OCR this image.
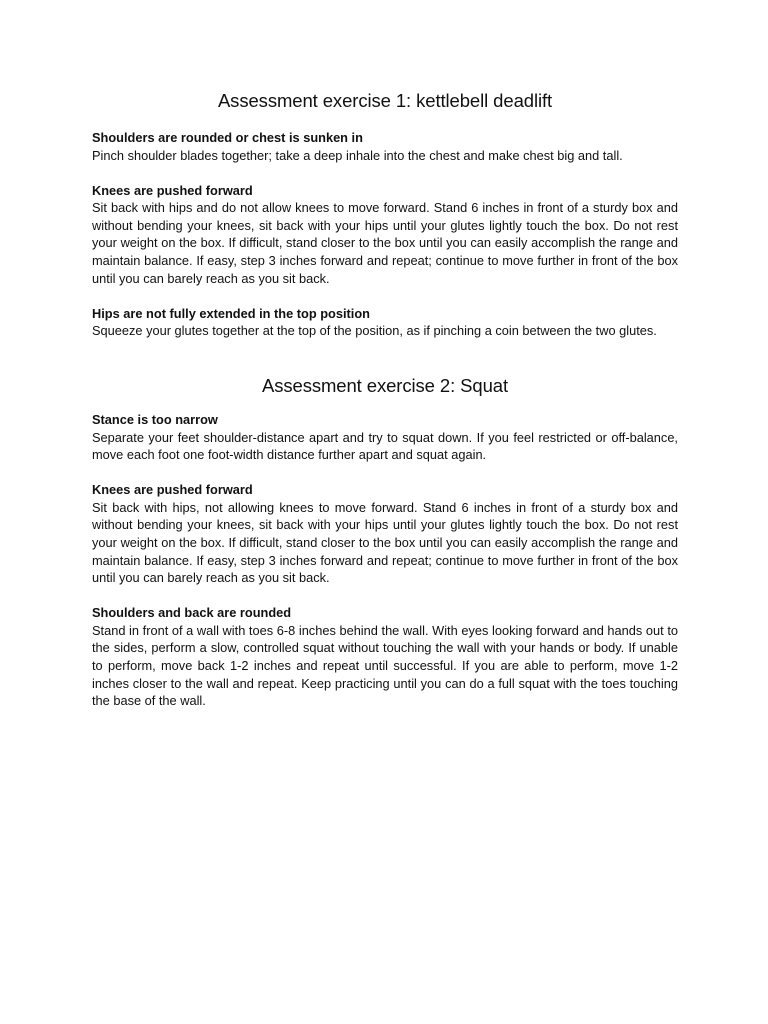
Assessment exercise 1: kettlebell deadlift

Shoulders are rounded or chest is sunken in

Pinch shoulder blades together; take a deep inhale into the chest and make chest big and tall.

Knees are pushed forward

Sit back with hips and do not allow knees to move forward. Stand 6 inches in front of a sturdy box and without bending your knees, sit back with your hips until your glutes lightly touch the box. Do not rest your weight on the box. If difficult, stand closer to the box until you can easily accomplish the range and maintain balance. If easy, step 3 inches forward and repeat; continue to move further in front of the box until you can barely reach as you sit back.

Hips are not fully extended in the top position

Squeeze your glutes together at the top of the position, as if pinching a coin between the two glutes.

Assessment exercise 2: Squat

Stance is too narrow

Separate your feet shoulder-distance apart and try to squat down. If you feel restricted or off-balance, move each foot one foot-width distance further apart and squat again.

Knees are pushed forward

Sit back with hips, not allowing knees to move forward. Stand 6 inches in front of a sturdy box and without bending your knees, sit back with your hips until your glutes lightly touch the box. Do not rest your weight on the box. If difficult, stand closer to the box until you can easily accomplish the range and maintain balance. If easy, step 3 inches forward and repeat; continue to move further in front of the box until you can barely reach as you sit back.

Shoulders and back are rounded

Stand in front of a wall with toes 6-8 inches behind the wall. With eyes looking forward and hands out to the sides, perform a slow, controlled squat without touching the wall with your hands or body. If unable to perform, move back 1-2 inches and repeat until successful. If you are able to perform, move 1-2 inches closer to the wall and repeat. Keep practicing until you can do a full squat with the toes touching the base of the wall.
